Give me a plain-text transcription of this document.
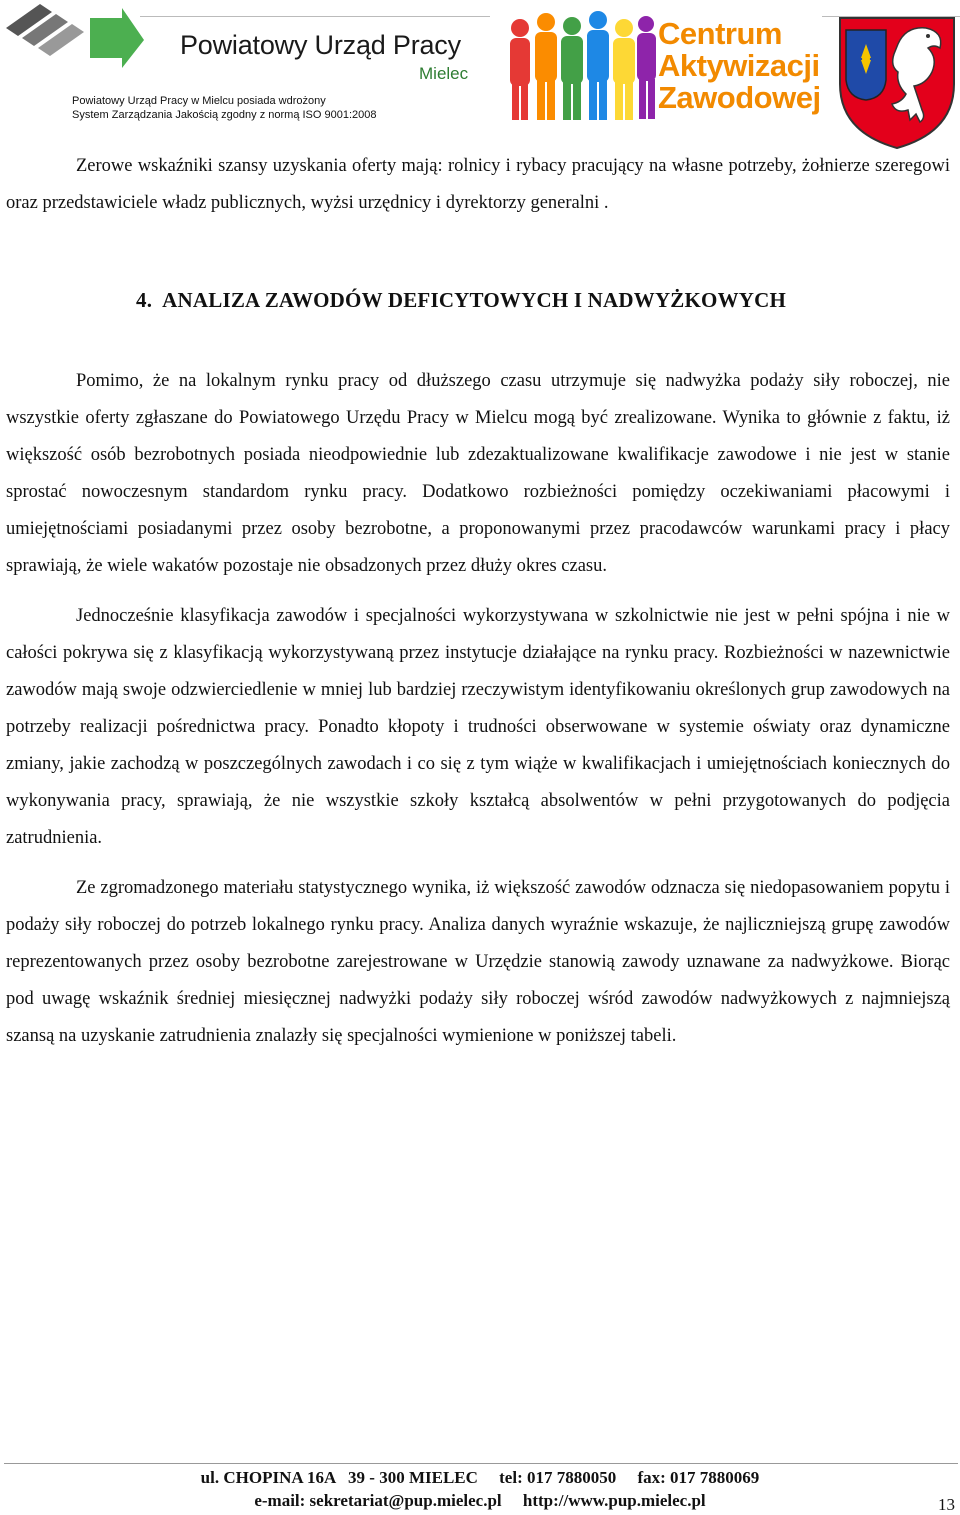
Powiatowy Urząd Pracy
Mielec
Powiatowy Urząd Pracy w Mielcu posiada wdrożony
System Zarządzania Jakością zgodny z normą ISO 9001:2008
Centrum
Aktywizacji
Zawodowej

Zerowe wskaźniki szansy uzyskania oferty mają: rolnicy i rybacy pracujący na własne potrzeby, żołnierze szeregowi oraz przedstawiciele władz publicznych, wyżsi urzędnicy i dyrektorzy generalni .

4. ANALIZA ZAWODÓW DEFICYTOWYCH I NADWYŻKOWYCH

Pomimo, że na lokalnym rynku pracy od dłuższego czasu utrzymuje się nadwyżka podaży siły roboczej, nie wszystkie oferty zgłaszane do Powiatowego Urzędu Pracy w Mielcu mogą być zrealizowane. Wynika to głównie z faktu, iż większość osób bezrobotnych posiada nieodpowiednie lub zdezaktualizowane kwalifikacje zawodowe i nie jest w stanie sprostać nowoczesnym standardom rynku pracy. Dodatkowo rozbieżności pomiędzy oczekiwaniami płacowymi i umiejętnościami posiadanymi przez osoby bezrobotne, a proponowanymi przez pracodawców warunkami pracy i płacy sprawiają, że wiele wakatów pozostaje nie obsadzonych przez dłuży okres czasu.

Jednocześnie klasyfikacja zawodów i specjalności wykorzystywana w szkolnictwie nie jest w pełni spójna i nie w całości pokrywa się z klasyfikacją wykorzystywaną przez instytucje działające na rynku pracy. Rozbieżności w nazewnictwie zawodów mają swoje odzwierciedlenie w mniej lub bardziej rzeczywistym identyfikowaniu określonych grup zawodowych na potrzeby realizacji pośrednictwa pracy. Ponadto kłopoty i trudności obserwowane w systemie oświaty oraz dynamiczne zmiany, jakie zachodzą w poszczególnych zawodach i co się z tym wiąże w kwalifikacjach i umiejętnościach koniecznych do wykonywania pracy, sprawiają, że nie wszystkie szkoły kształcą absolwentów w pełni przygotowanych do podjęcia zatrudnienia.

Ze zgromadzonego materiału statystycznego wynika, iż większość zawodów odznacza się niedopasowaniem popytu i podaży siły roboczej do potrzeb lokalnego rynku pracy. Analiza danych wyraźnie wskazuje, że najliczniejszą grupę zawodów reprezentowanych przez osoby bezrobotne zarejestrowane w Urzędzie stanowią zawody uznawane za nadwyżkowe. Biorąc pod uwagę wskaźnik średniej miesięcznej nadwyżki podaży siły roboczej wśród zawodów nadwyżkowych z najmniejszą szansą na uzyskanie zatrudnienia znalazły się specjalności wymienione w poniższej tabeli.

ul. CHOPINA 16A   39 - 300 MIELEC     tel: 017 7880050     fax: 017 7880069
e-mail: sekretariat@pup.mielec.pl     http://www.pup.mielec.pl	13
